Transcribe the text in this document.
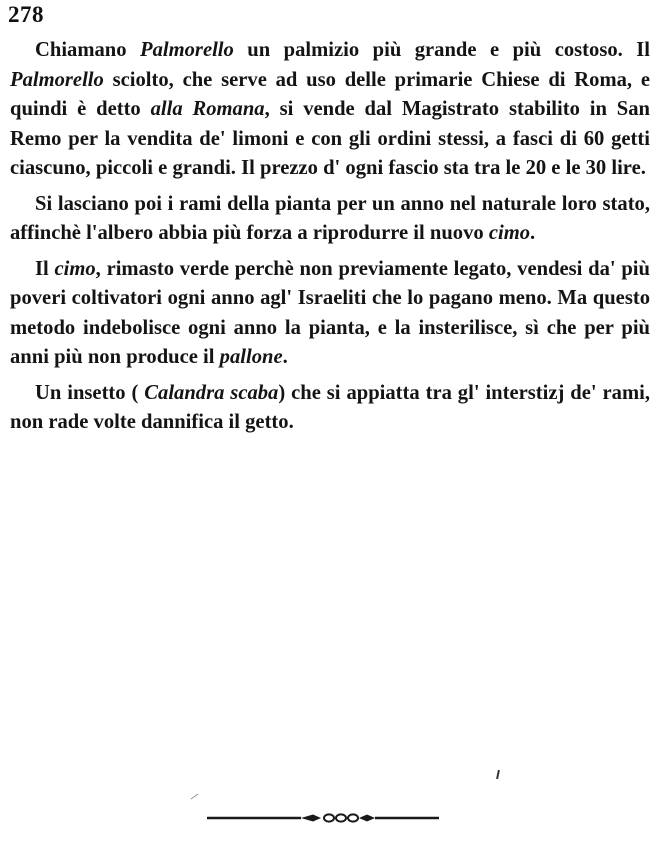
278

Chiamano Palmorello un palmizio più grande e più costoso. Il Palmorello sciolto, che serve ad uso delle primarie Chiese di Roma, e quindi è detto alla Romana, si vende dal Magistrato stabilito in San Remo per la vendita de' limoni e con gli ordini stessi, a fasci di 60 getti ciascuno, piccoli e grandi. Il prezzo d' ogni fascio sta tra le 20 e le 30 lire.

Si lasciano poi i rami della pianta per un anno nel naturale loro stato, affinchè l'albero abbia più forza a riprodurre il nuovo cimo.

Il cimo, rimasto verde perchè non previamente legato, vendesi da' più poveri coltivatori ogni anno agl' Israeliti che lo pagano meno. Ma questo metodo indebolisce ogni anno la pianta, e la insterilisce, sì che per più anni più non produce il pallone.

Un insetto ( Calandra scaba) che si appiatta tra gl' interstizj de' rami, non rade volte dannifica il getto.
